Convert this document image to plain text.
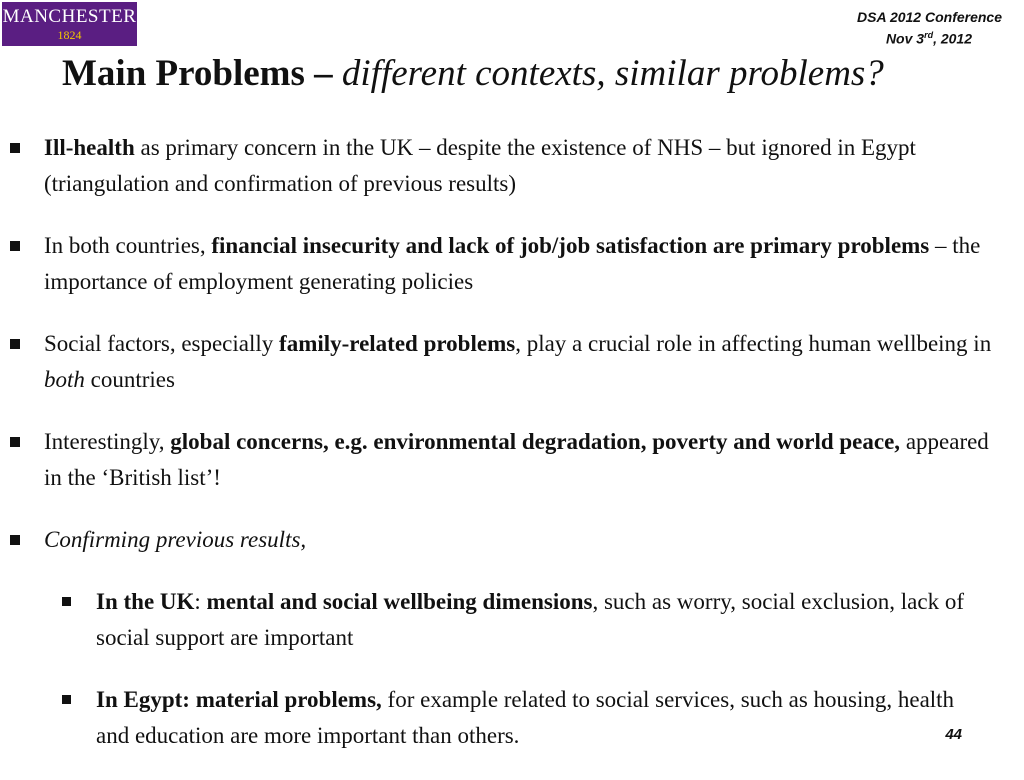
MANCHESTER
1824
DSA 2012 Conference
Nov 3rd, 2012
Main Problems – different contexts, similar problems?
Ill-health as primary concern in the UK – despite the existence of NHS – but ignored in Egypt (triangulation and confirmation of previous results)
In both countries, financial insecurity and lack of job/job satisfaction are primary problems – the importance of employment generating policies
Social factors, especially family-related problems, play a crucial role in affecting human wellbeing in both countries
Interestingly, global concerns, e.g. environmental degradation, poverty and world peace, appeared in the ‘British list’!
Confirming previous results,
In the UK: mental and social wellbeing dimensions, such as worry, social exclusion, lack of social support are important
In Egypt: material problems, for example related to social services, such as housing, health and education are more important than others.	44
